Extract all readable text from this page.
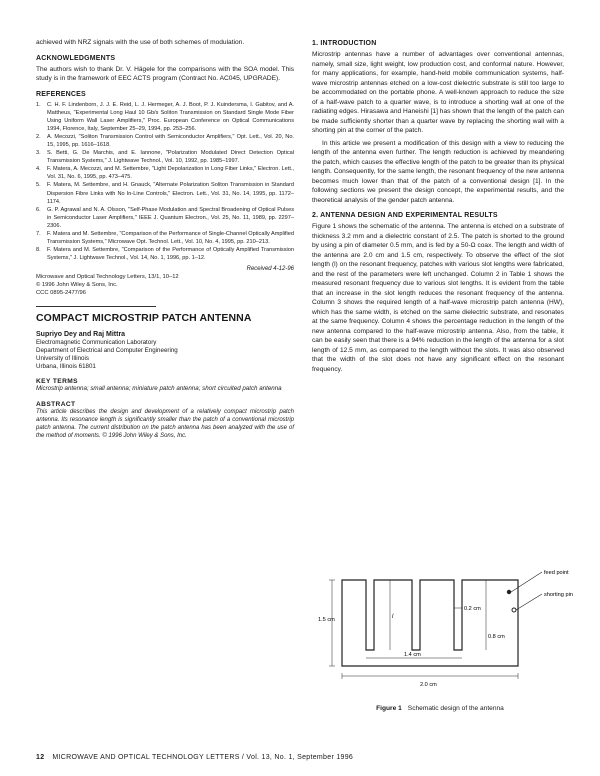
achieved with NRZ signals with the use of both schemes of modulation.

ACKNOWLEDGMENTS

The authors wish to thank Dr. V. Hägele for the comparisons with the SOA model. This study is in the framework of EEC ACTS program (Contract No. AC045, UPGRADE).

REFERENCES
1. C. H. F. Lindenborn, J. J. E. Reid, L. J. Hermeger, A. J. Boot, P. J. Kuindersma, I. Gabitov, and A. Mattheus, "Experimental Long Haul 10 Gb/s Soliton Transmission on Standard Single Mode Fiber Using Uniform Wall Laser Amplifiers," Proc. European Conference on Optical Communications 1994, Florence, Italy, September 25–29, 1994, pp. 253–256.
2. A. Mecozzi, "Soliton Transmission Control with Semiconductor Amplifiers," Opt. Lett., Vol. 20, No. 15, 1995, pp. 1616–1618.
3. S. Betti, G. De Marchis, and E. Iannone, "Polarization Modulated Direct Detection Optical Transmission Systems," J. Lightwave Technol., Vol. 10, 1992, pp. 1985–1997.
4. F. Matera, A. Mecozzi, and M. Settembre, "Light Depolarization in Long Fiber Links," Electron. Lett., Vol. 31, No. 6, 1995, pp. 473–475.
5. F. Matera, M. Settembre, and H. Gnauck, "Alternate Polarization Soliton Transmission in Standard Dispersion Fibre Links with No In-Line Controls," Electron. Lett., Vol. 31, No. 14, 1995, pp. 1172–1174.
6. G. P. Agrawal and N. A. Olsson, "Self-Phase Modulation and Spectral Broadening of Optical Pulses in Semiconductor Laser Amplifiers," IEEE J. Quantum Electron., Vol. 25, No. 11, 1989, pp. 2297–2306.
7. F. Matera and M. Settembre, "Comparison of the Performance of Single-Channel Optically Amplified Transmission Systems," Microwave Opt. Technol. Lett., Vol. 10, No. 4, 1995, pp. 210–213.
8. F. Matera and M. Settembre, "Comparison of the Performance of Optically Amplified Transmission Systems," J. Lightwave Technol., Vol. 14, No. 1, 1996, pp. 1–12.
Received 4-12-96
Microwave and Optical Technology Letters, 13/1, 10–12
© 1996 John Wiley & Sons, Inc.
CCC 0895-2477/96
COMPACT MICROSTRIP PATCH ANTENNA
Supriyo Dey and Raj Mittra
Electromagnetic Communication Laboratory
Department of Electrical and Computer Engineering
University of Illinois
Urbana, Illinois 61801
KEY TERMS
Microstrip antenna; small antenna; miniature patch antenna; short circuited patch antenna
ABSTRACT
This article describes the design and development of a relatively compact microstrip patch antenna. Its resonance length is significantly smaller than the patch of a conventional microstrip patch antenna. The current distribution on the patch antenna has been analyzed with the use of the method of moments. © 1996 John Wiley & Sons, Inc.
1. INTRODUCTION

Microstrip antennas have a number of advantages over conventional antennas, namely, small size, light weight, low production cost, and conformal nature. However, for many applications, for example, hand-held mobile communication systems, half-wave microstrip antennas etched on a low-cost dielectric substrate is still too large to be accommodated on the portable phone. A well-known approach to reduce the size of a half-wave patch to a quarter wave, is to introduce a shorting wall at one of the radiating edges. Hirasawa and Haneishi [1] has shown that the length of the patch can be made sufficiently shorter than a quarter wave by replacing the shorting wall with a shorting pin at the corner of the patch.

In this article we present a modification of this design with a view to reducing the length of the antenna even further. The length reduction is achieved by meandering the patch, which causes the effective length of the patch to be greater than its physical length. Consequently, for the same length, the resonant frequency of the new antenna becomes much lower than that of the patch of a conventional design [1]. In the following sections we present the design concept, the experimental results, and the theoretical analysis of the gender patch antenna.

2. ANTENNA DESIGN AND EXPERIMENTAL RESULTS

Figure 1 shows the schematic of the antenna. The antenna is etched on a substrate of thickness 3.2 mm and a dielectric constant of 2.5. The patch is shorted to the ground by using a pin of diameter 0.5 mm, and is fed by a 50-Ω coax. The length and width of the antenna are 2.0 cm and 1.5 cm, respectively. To observe the effect of the slot length (l) on the resonant frequency, patches with various slot lengths were fabricated, and the rest of the parameters were left unchanged. Column 2 in Table 1 shows the measured resonant frequency due to various slot lengths. It is evident from the table that an increase in the slot length reduces the resonant frequency of the antenna. Column 3 shows the required length of a half-wave microstrip patch antenna (HW), which has the same width, is etched on the same dielectric substrate, and resonates at the same frequency. Column 4 shows the percentage reduction in the length of the new antenna compared to the half-wave microstrip antenna. Also, from the table, it can be easily seen that there is a 94% reduction in the length of the antenna for a slot length of 12.5 mm, as compared to the length without the slots. It was also observed that the width of the slot does not have any significant effect on the resonant frequency.

feed point
shorting pin
0.2 cm
0.8 cm
1.5 cm	l
1.4 cm
2.0 cm
Figure 1 Schematic design of the antenna
12 MICROWAVE AND OPTICAL TECHNOLOGY LETTERS / Vol. 13, No. 1, September 1996
